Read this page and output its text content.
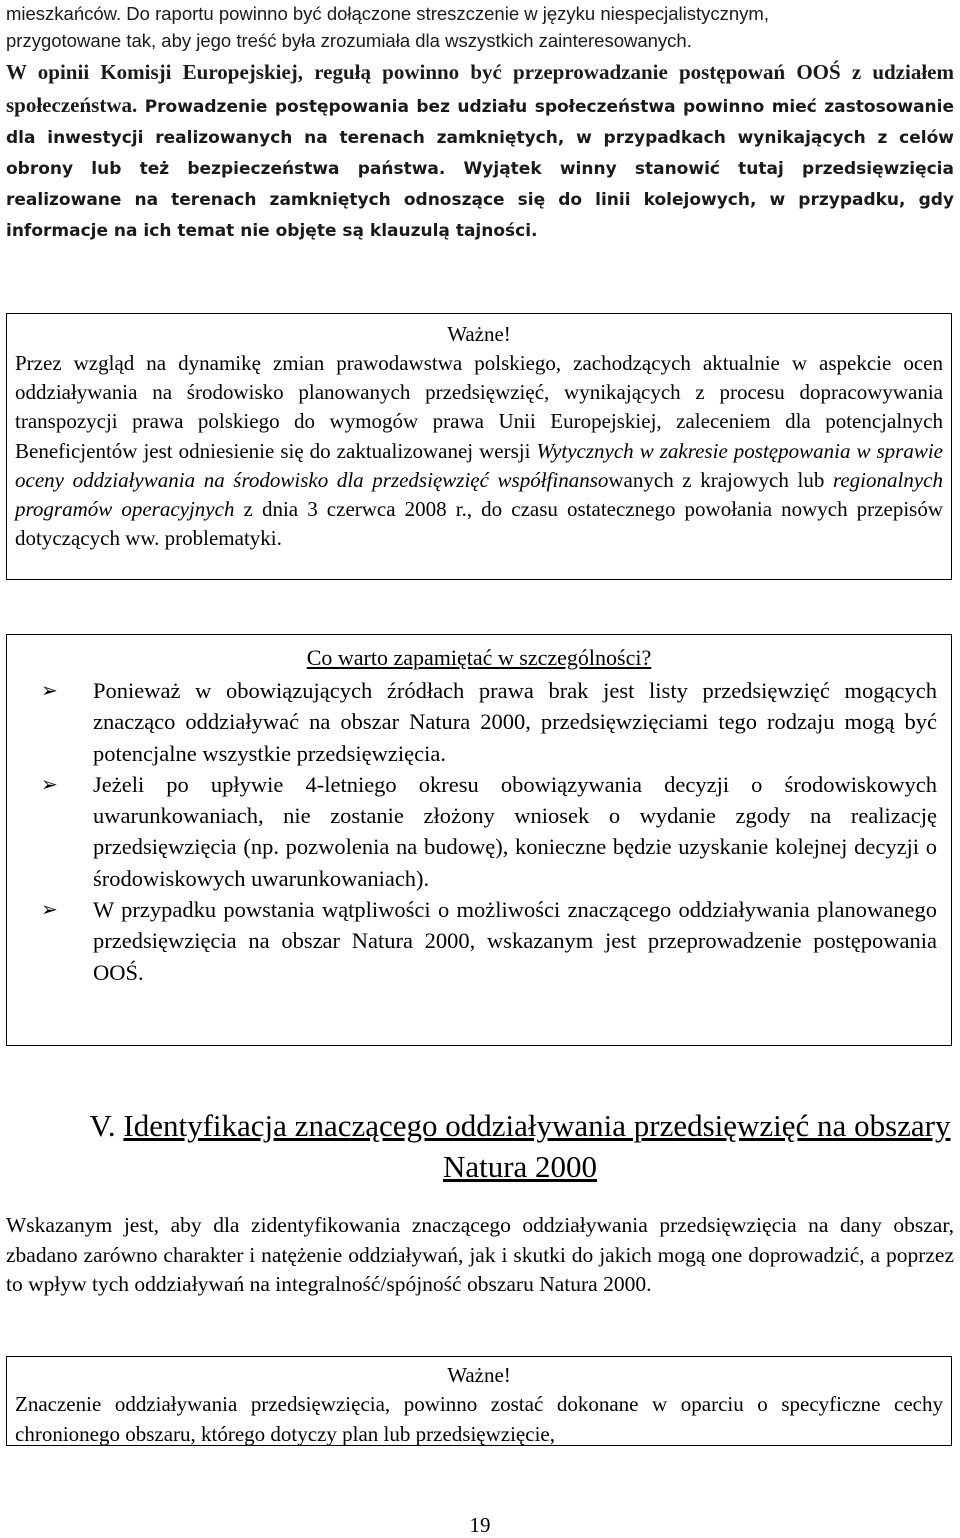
mieszkańców. Do raportu powinno być dołączone streszczenie w języku niespecjalistycznym,
przygotowane tak, aby jego treść była zrozumiała dla wszystkich zainteresowanych.
W opinii Komisji Europejskiej, regułą powinno być przeprowadzanie postępowań OOŚ z udziałem społeczeństwa. Prowadzenie postępowania bez udziału społeczeństwa powinno mieć zastosowanie dla inwestycji realizowanych na terenach zamkniętych, w przypadkach wynikających z celów obrony lub też bezpieczeństwa państwa. Wyjątek winny stanowić tutaj przedsięwzięcia realizowane na terenach zamkniętych odnoszące się do linii kolejowych, w przypadku, gdy informacje na ich temat nie objęte są klauzulą tajności.
Ważne!
Przez wzgląd na dynamikę zmian prawodawstwa polskiego, zachodzących aktualnie w aspekcie ocen oddziaływania na środowisko planowanych przedsięwzięć, wynikających z procesu dopracowywania transpozycji prawa polskiego do wymogów prawa Unii Europejskiej, zaleceniem dla potencjalnych Beneficjentów jest odniesienie się do zaktualizowanej wersji Wytycznych w zakresie postępowania w sprawie oceny oddziaływania na środowisko dla przedsięwzięć współfinansowanych z krajowych lub regionalnych programów operacyjnych z dnia 3 czerwca 2008 r., do czasu ostatecznego powołania nowych przepisów dotyczących ww. problematyki.
Co warto zapamiętać w szczególności?
➢ Ponieważ w obowiązujących źródłach prawa brak jest listy przedsięwzięć mogących znacząco oddziaływać na obszar Natura 2000, przedsięwzięciami tego rodzaju mogą być potencjalne wszystkie przedsięwzięcia.
➢ Jeżeli po upływie 4-letniego okresu obowiązywania decyzji o środowiskowych uwarunkowaniach, nie zostanie złożony wniosek o wydanie zgody na realizację przedsięwzięcia (np. pozwolenia na budowę), konieczne będzie uzyskanie kolejnej decyzji o środowiskowych uwarunkowaniach).
➢ W przypadku powstania wątpliwości o możliwości znaczącego oddziaływania planowanego przedsięwzięcia na obszar Natura 2000, wskazanym jest przeprowadzenie postępowania OOŚ.
V. Identyfikacja znaczącego oddziaływania przedsięwzięć na obszary Natura 2000
Wskazanym jest, aby dla zidentyfikowania znaczącego oddziaływania przedsięwzięcia na dany obszar, zbadano zarówno charakter i natężenie oddziaływań, jak i skutki do jakich mogą one doprowadzić, a poprzez to wpływ tych oddziaływań na integralność/spójność obszaru Natura 2000.
Ważne!
Znaczenie oddziaływania przedsięwzięcia, powinno zostać dokonane w oparciu o specyficzne cechy chronionego obszaru, którego dotyczy plan lub przedsięwzięcie,
19
